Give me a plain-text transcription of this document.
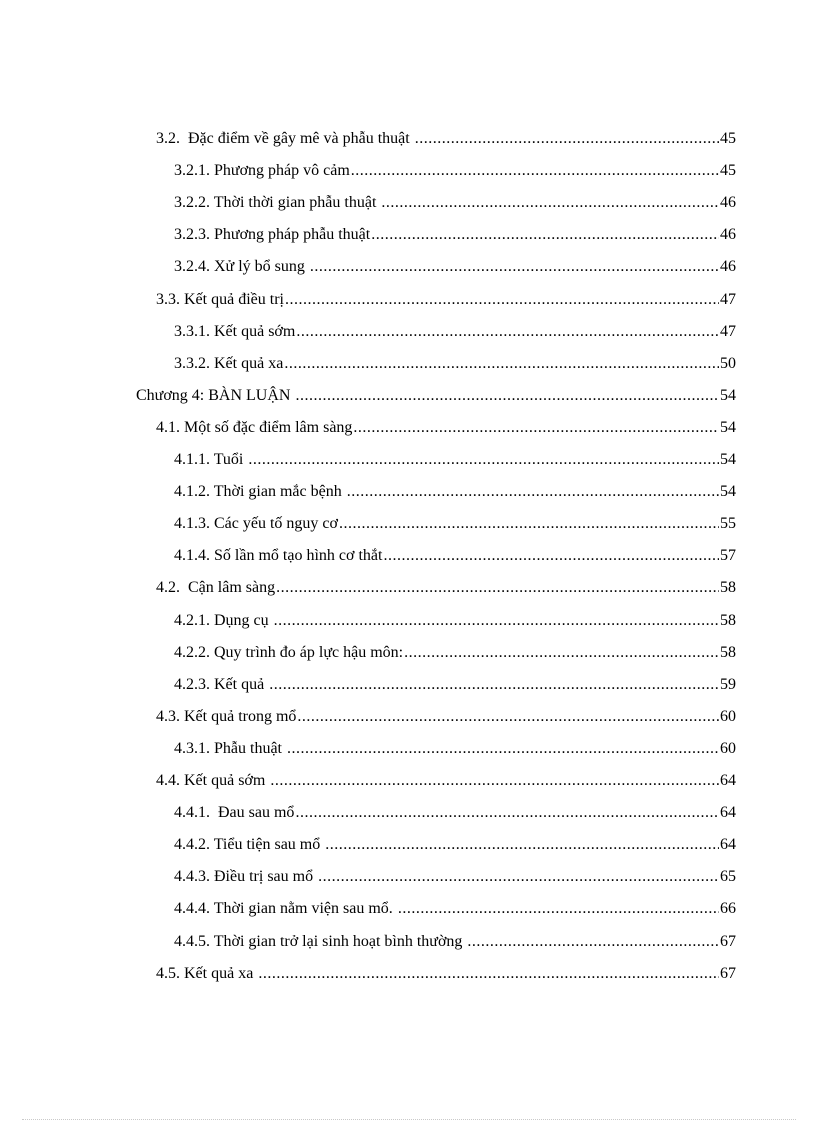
3.2.  Đặc điểm về gây mê và phẫu thuật .....	45
3.2.1. Phương pháp vô cảm .....	45
3.2.2. Thời thời gian phẫu thuật .....	46
3.2.3. Phương pháp phẫu thuật .....	46
3.2.4. Xử lý bổ sung .....	46
3.3. Kết quả điều trị .....	47
3.3.1. Kết quả sớm .....	47
3.3.2. Kết quả xa .....	50
Chương 4: BÀN LUẬN .....	54
4.1. Một số đặc điểm lâm sàng .....	54
4.1.1. Tuổi .....	54
4.1.2. Thời gian mắc bệnh .....	54
4.1.3. Các yếu tố nguy cơ .....	55
4.1.4. Số lần mổ tạo hình cơ thắt .....	57
4.2.  Cận lâm sàng .....	58
4.2.1. Dụng cụ .....	58
4.2.2. Quy trình đo áp lực hậu môn: .....	58
4.2.3. Kết quả .....	59
4.3. Kết quả trong mổ .....	60
4.3.1. Phẫu thuật .....	60
4.4. Kết quả sớm .....	64
4.4.1.  Đau sau mổ .....	64
4.4.2. Tiểu tiện sau mổ .....	64
4.4.3. Điều trị sau mổ .....	65
4.4.4. Thời gian nằm viện sau mổ. .....	66
4.4.5. Thời gian trở lại sinh hoạt bình thường .....	67
4.5. Kết quả xa .....	67
